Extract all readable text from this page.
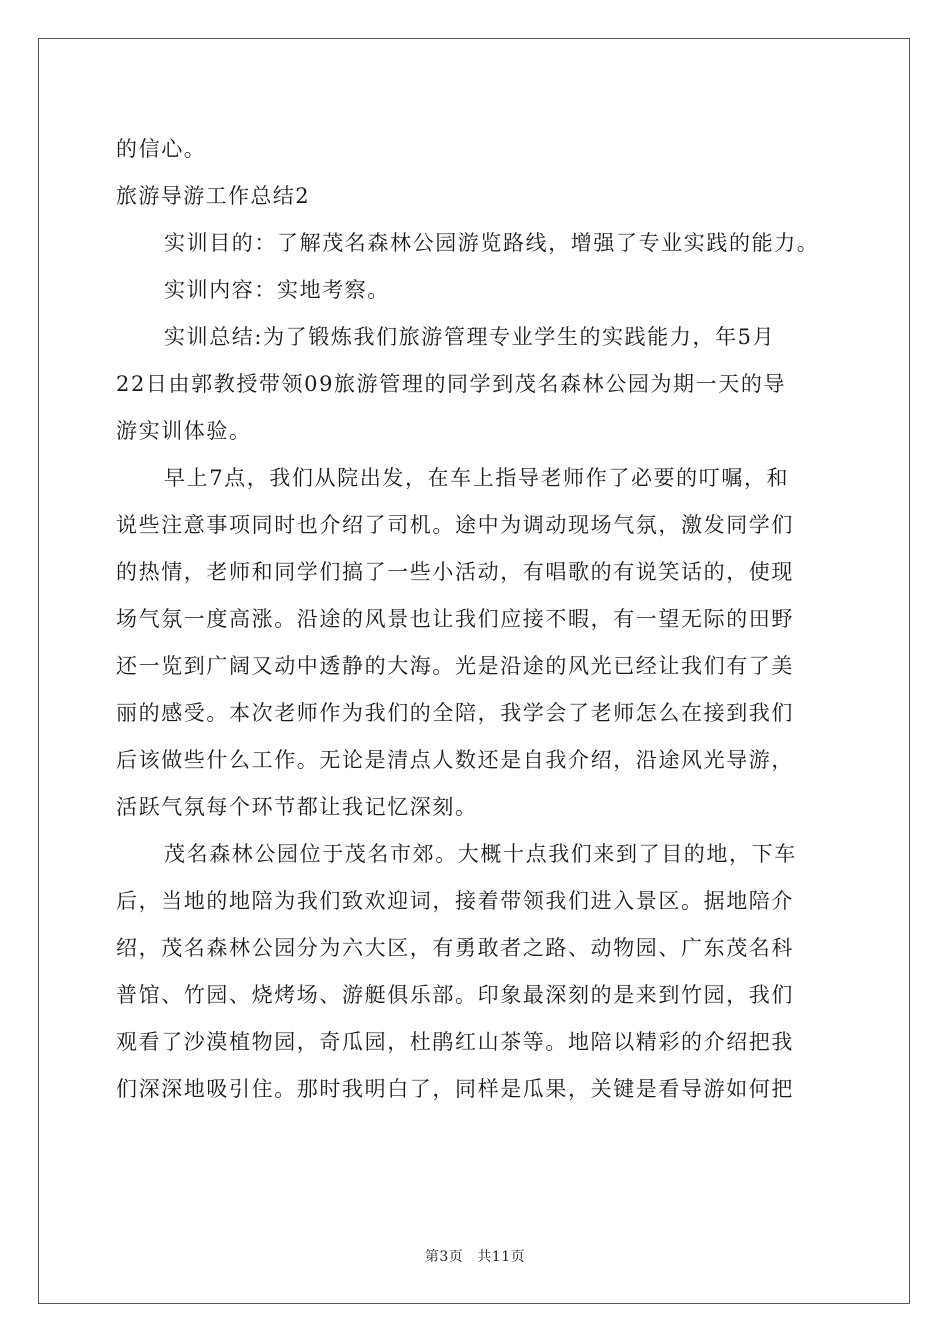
的信心。
旅游导游工作总结2
实训目的：了解茂名森林公园游览路线，增强了专业实践的能力。
实训内容：实地考察。
实训总结:为了锻炼我们旅游管理专业学生的实践能力，年5月
22日由郭教授带领09旅游管理的同学到茂名森林公园为期一天的导
游实训体验。
早上7点，我们从院出发，在车上指导老师作了必要的叮嘱，和
说些注意事项同时也介绍了司机。途中为调动现场气氛，激发同学们
的热情，老师和同学们搞了一些小活动，有唱歌的有说笑话的，使现
场气氛一度高涨。沿途的风景也让我们应接不暇，有一望无际的田野
还一览到广阔又动中透静的大海。光是沿途的风光已经让我们有了美
丽的感受。本次老师作为我们的全陪，我学会了老师怎么在接到我们
后该做些什么工作。无论是清点人数还是自我介绍，沿途风光导游，
活跃气氛每个环节都让我记忆深刻。
茂名森林公园位于茂名市郊。大概十点我们来到了目的地，下车
后，当地的地陪为我们致欢迎词，接着带领我们进入景区。据地陪介
绍，茂名森林公园分为六大区，有勇敢者之路、动物园、广东茂名科
普馆、竹园、烧烤场、游艇俱乐部。印象最深刻的是来到竹园，我们
观看了沙漠植物园，奇瓜园，杜鹃红山茶等。地陪以精彩的介绍把我
们深深地吸引住。那时我明白了，同样是瓜果，关键是看导游如何把
第3页 共11页
